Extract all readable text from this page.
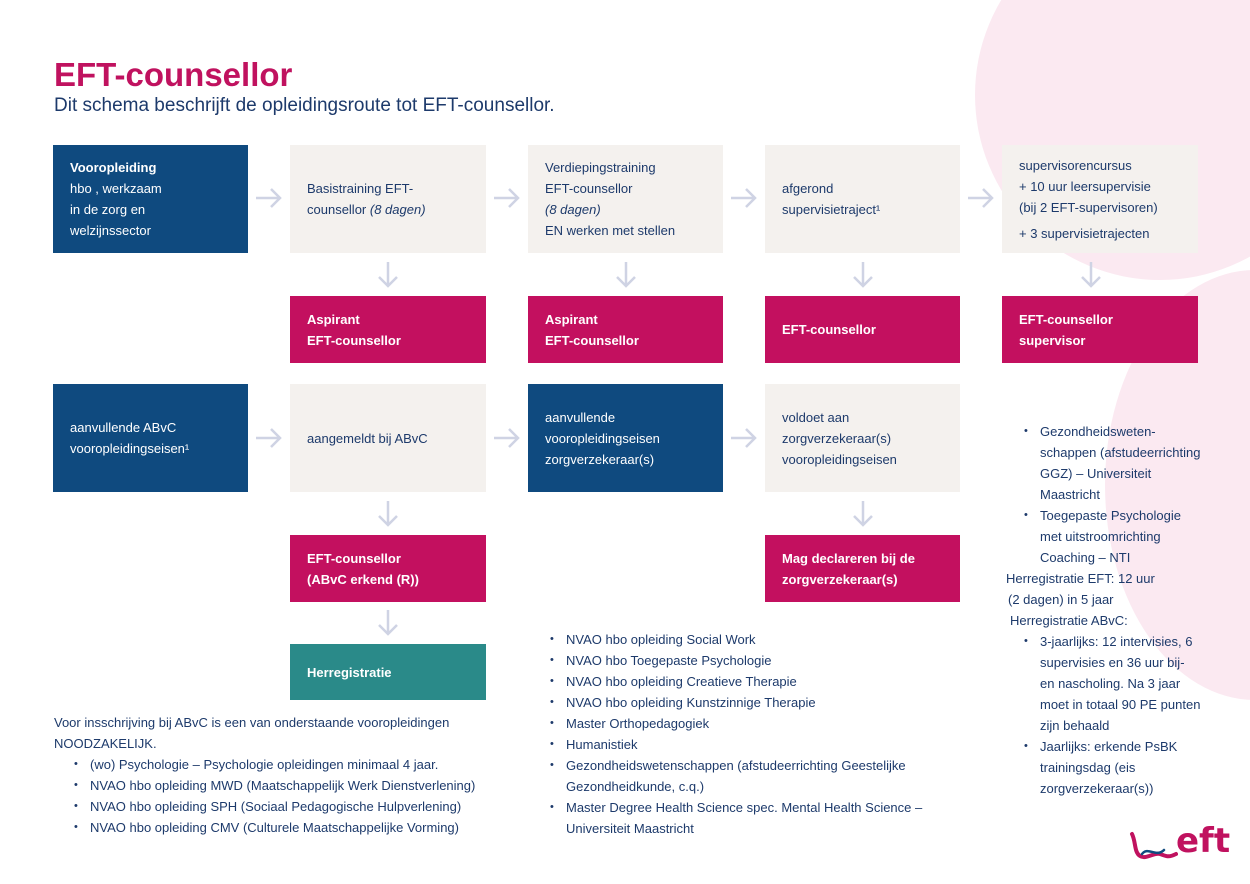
EFT-counsellor

Dit schema beschrijft de opleidingsroute tot EFT-counsellor.

Vooropleiding
hbo , werkzaam
in de zorg en
welzijnssector
Basistraining EFT-
counsellor (8 dagen)
Verdiepingstraining
EFT-counsellor
(8 dagen)
EN werken met stellen
afgerond
supervisietraject¹
supervisorencursus
+ 10 uur leersupervisie
(bij 2 EFT-supervisoren)
+ 3 supervisietrajecten
Aspirant
EFT-counsellor
Aspirant
EFT-counsellor
EFT-counsellor
EFT-counsellor supervisor
aanvullende ABvC
vooropleidingseisen¹
aangemeldt bij ABvC
aanvullende
vooropleidingseisen
zorgverzekeraar(s)
voldoet aan
zorgverzekeraar(s)
vooropleidingseisen
EFT-counsellor
(ABvC erkend (R))
Mag declareren bij de
zorgverzekeraar(s)
Herregistratie

Voor insschrijving bij ABvC is een van onderstaande vooropleidingen

NOODZAKELIJK.

• (wo) Psychologie – Psychologie opleidingen minimaal 4 jaar.
• NVAO hbo opleiding MWD (Maatschappelijk Werk Dienstverlening)
• NVAO hbo opleiding SPH (Sociaal Pedagogische Hulpverlening)
• NVAO hbo opleiding CMV (Culturele Maatschappelijke Vorming)
• NVAO hbo opleiding Social Work
• NVAO hbo Toegepaste Psychologie
• NVAO hbo opleiding Creatieve Therapie
• NVAO hbo opleiding Kunstzinnige Therapie
• Master Orthopedagogiek
• Humanistiek
• Gezondheidswetenschappen (afstudeerrichting Geestelijke Gezondheidkunde, c.q.)
• Master Degree Health Science spec. Mental Health Science – Universiteit Maastricht
• Gezondheidsweten-schappen (afstudeerrichting GGZ) – Universiteit Maastricht
• Toegepaste Psychologie met uitstroomrichting Coaching – NTI

Herregistratie EFT: 12 uur

(2 dagen) in 5 jaar

Herregistratie ABvC:

• 3-jaarlijks: 12 intervisies, 6 supervisies en 36 uur bij- en nascholing. Na 3 jaar moet in totaal 90 PE punten zijn behaald
• Jaarlijks: erkende PsBK trainingsdag (eis zorgverzekeraar(s))
eft
